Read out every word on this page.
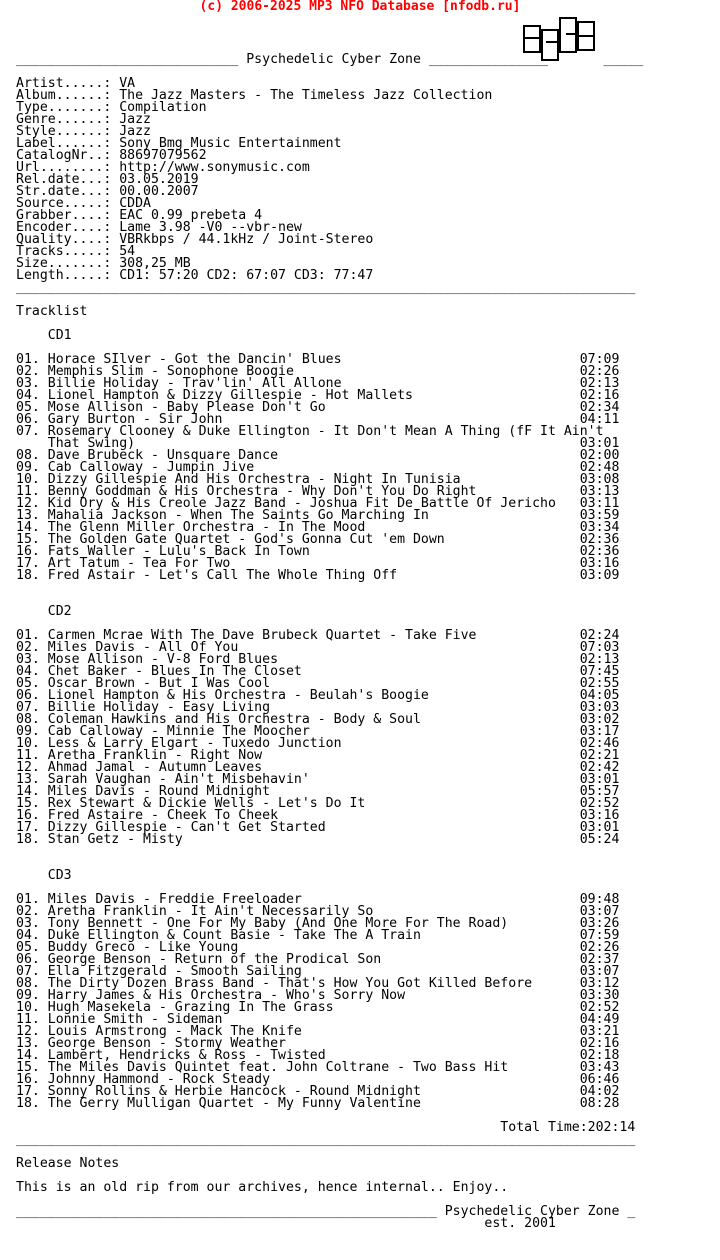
(c) 2006-2025 MP3 NFO Database [nfodb.ru]
____________________________ Psychedelic Cyber Zone _______________       _____
Artist.....: VA
Album......: The Jazz Masters - The Timeless Jazz Collection
Type.......: Compilation
Genre......: Jazz
Style......: Jazz
Label......: Sony Bmg Music Entertainment
CatalogNr..: 88697079562
Url........: http://www.sonymusic.com
Rel.date...: 03.05.2019
Str.date...: 00.00.2007
Source.....: CDDA
Grabber....: EAC 0.99 prebeta 4
Encoder....: Lame 3.98 -V0 --vbr-new
Quality....: VBRkbps / 44.1kHz / Joint-Stereo
Tracks.....: 54
Size.......: 308,25 MB
Length.....: CD1: 57:20 CD2: 67:07 CD3: 77:47
______________________________________________________________________________
Tracklist
CD1
01. Horace SIlver - Got the Dancin' Blues                              07:09
02. Memphis Slim - Sonophone Boogie                                    02:26
03. Billie Holiday - Trav'lin' All Allone                              02:13
04. Lionel Hampton & Dizzy Gillespie - Hot Mallets                     02:16
05. Mose Allison - Baby Please Don't Go                                02:34
06. Gary Burton - Sir John                                             04:11
07. Rosemary Clooney & Duke Ellington - It Don't Mean A Thing (fF It Ain't
That Swing)                                                        03:01
08. Dave Brubeck - Unsquare Dance                                      02:00
09. Cab Calloway - Jumpin Jive                                         02:48
10. Dizzy Gillespie And His Orchestra - Night In Tunisia               03:08
11. Benny Goddman & His Orchestra - Why Don't You Do Right             03:13
12. Kid Ory & His Creole Jazz Band - Joshua Fit De Battle Of Jericho   03:11
13. Mahalia Jackson - When The Saints Go Marching In                   03:59
14. The Glenn Miller Orchestra - In The Mood                           03:34
15. The Golden Gate Quartet - God's Gonna Cut 'em Down                 02:36
16. Fats Waller - Lulu's Back In Town                                  02:36
17. Art Tatum - Tea For Two                                            03:16
18. Fred Astair - Let's Call The Whole Thing Off                       03:09
CD2
01. Carmen Mcrae With The Dave Brubeck Quartet - Take Five             02:24
02. Miles Davis - All Of You                                           07:03
03. Mose Allison - V-8 Ford Blues                                      02:13
04. Chet Baker - Blues In The Closet                                   07:45
05. Oscar Brown - But I Was Cool                                       02:55
06. Lionel Hampton & His Orchestra - Beulah's Boogie                   04:05
07. Billie Holiday - Easy Living                                       03:03
08. Coleman Hawkins and His Orchestra - Body & Soul                    03:02
09. Cab Calloway - Minnie The Moocher                                  03:17
10. Less & Larry Elgart - Tuxedo Junction                              02:46
11. Aretha Franklin - Right Now                                        02:21
12. Ahmad Jamal - Autumn Leaves                                        02:42
13. Sarah Vaughan - Ain't Misbehavin'                                  03:01
14. Miles Davis - Round Midnight                                       05:57
15. Rex Stewart & Dickie Wells - Let's Do It                           02:52
16. Fred Astaire - Cheek To Cheek                                      03:16
17. Dizzy Gillespie - Can't Get Started                                03:01
18. Stan Getz - Misty                                                  05:24
CD3
01. Miles Davis - Freddie Freeloader                                   09:48
02. Aretha Franklin - It Ain't Necessarily So                          03:07
03. Tony Bennett - One For My Baby (And One More For The Road)         03:26
04. Duke Ellington & Count Basie - Take The A Train                    07:59
05. Buddy Greco - Like Young                                           02:26
06. George Benson - Return of the Prodical Son                         02:37
07. Ella Fitzgerald - Smooth Sailing                                   03:07
08. The Dirty Dozen Brass Band - That's How You Got Killed Before      03:12
09. Harry James & His Orchestra - Who's Sorry Now                      03:30
10. Hugh Masekela - Grazing In The Grass                               02:52
11. Lonnie Smith - Sideman                                             04:49
12. Louis Armstrong - Mack The Knife                                   03:21
13. George Benson - Stormy Weather                                     02:16
14. Lambert, Hendricks & Ross - Twisted                                02:18
15. The Miles Davis Quintet feat. John Coltrane - Two Bass Hit         03:43
16. Johnny Hammond - Rock Steady                                       06:46
17. Sonny Rollins & Herbie Hancock - Round Midnight                    04:02
18. The Gerry Mulligan Quartet - My Funny Valentine                    08:28
Total Time:202:14
______________________________________________________________________________
Release Notes
This is an old rip from our archives, hence internal.. Enjoy..
_____________________________________________________ Psychedelic Cyber Zone _
est. 2001
